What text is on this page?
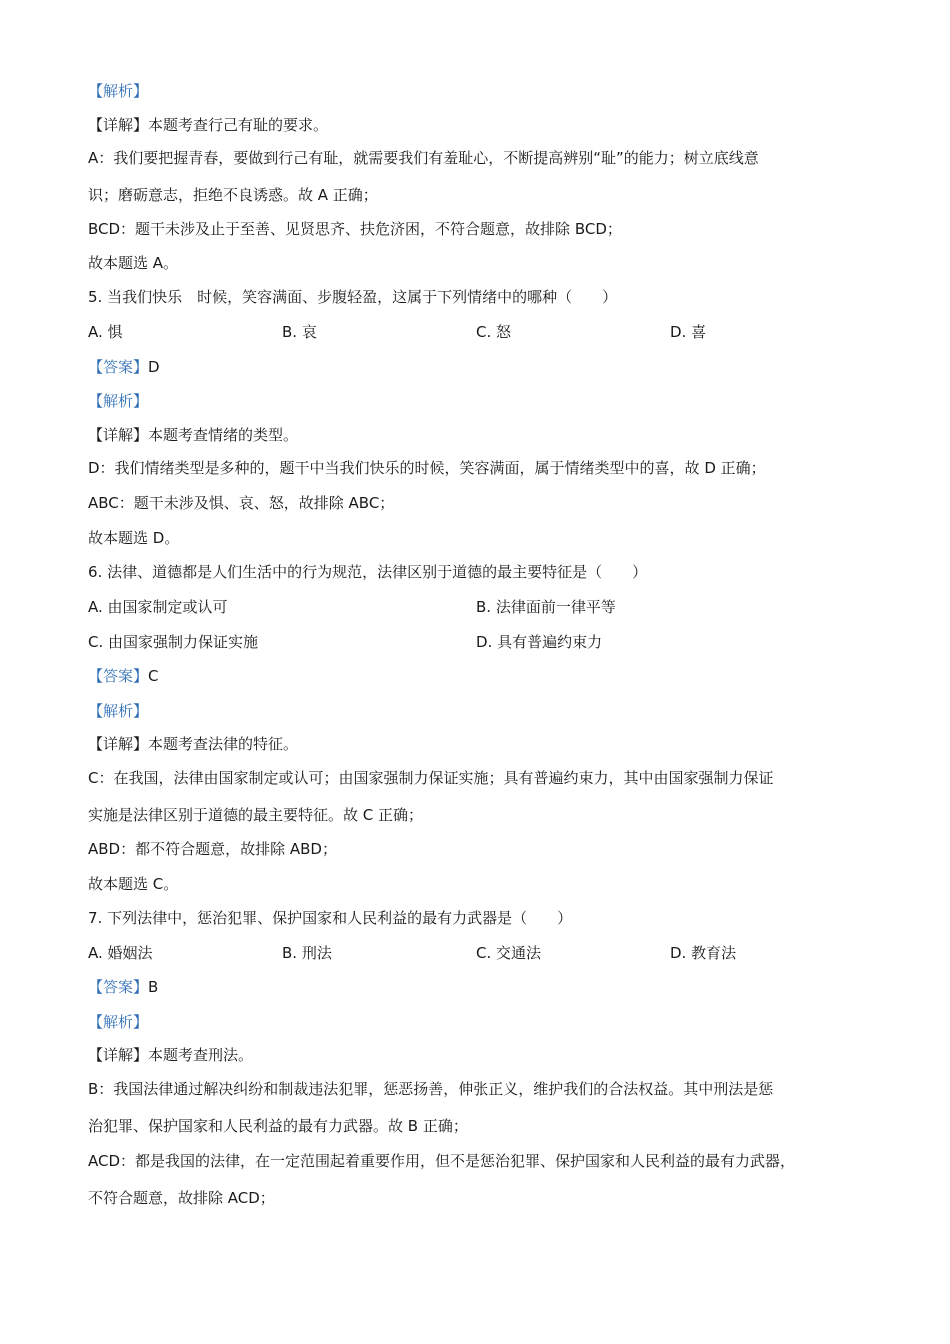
【解析】
【详解】本题考查行己有耻的要求。
A：我们要把握青春，要做到行己有耻，就需要我们有羞耻心，不断提高辨别“耻”的能力；树立底线意
识；磨砺意志，拒绝不良诱惑。故 A 正确；
BCD：题干未涉及止于至善、见贤思齐、扶危济困，不符合题意，故排除 BCD；
故本题选 A。
5. 当我们快乐　时候，笑容满面、步腹轻盈，这属于下列情绪中的哪种（　　）
A. 惧	B. 哀	C. 怒	D. 喜
【答案】D
【解析】
【详解】本题考查情绪的类型。
D：我们情绪类型是多种的，题干中当我们快乐的时候，笑容满面，属于情绪类型中的喜，故 D 正确；
ABC：题干未涉及惧、哀、怒，故排除 ABC；
故本题选 D。
6. 法律、道德都是人们生活中的行为规范，法律区别于道德的最主要特征是（　　）
A. 由国家制定或认可	B. 法律面前一律平等
C. 由国家强制力保证实施	D. 具有普遍约束力
【答案】C
【解析】
【详解】本题考查法律的特征。
C：在我国，法律由国家制定或认可；由国家强制力保证实施；具有普遍约束力，其中由国家强制力保证
实施是法律区别于道德的最主要特征。故 C 正确；
ABD：都不符合题意，故排除 ABD；
故本题选 C。
7. 下列法律中，惩治犯罪、保护国家和人民利益的最有力武器是（　　）
A. 婚姻法	B. 刑法	C. 交通法	D. 教育法
【答案】B
【解析】
【详解】本题考查刑法。
B：我国法律通过解决纠纷和制裁违法犯罪，惩恶扬善，伸张正义，维护我们的合法权益。其中刑法是惩
治犯罪、保护国家和人民利益的最有力武器。故 B 正确；
ACD：都是我国的法律，在一定范围起着重要作用，但不是惩治犯罪、保护国家和人民利益的最有力武器，
不符合题意，故排除 ACD；
